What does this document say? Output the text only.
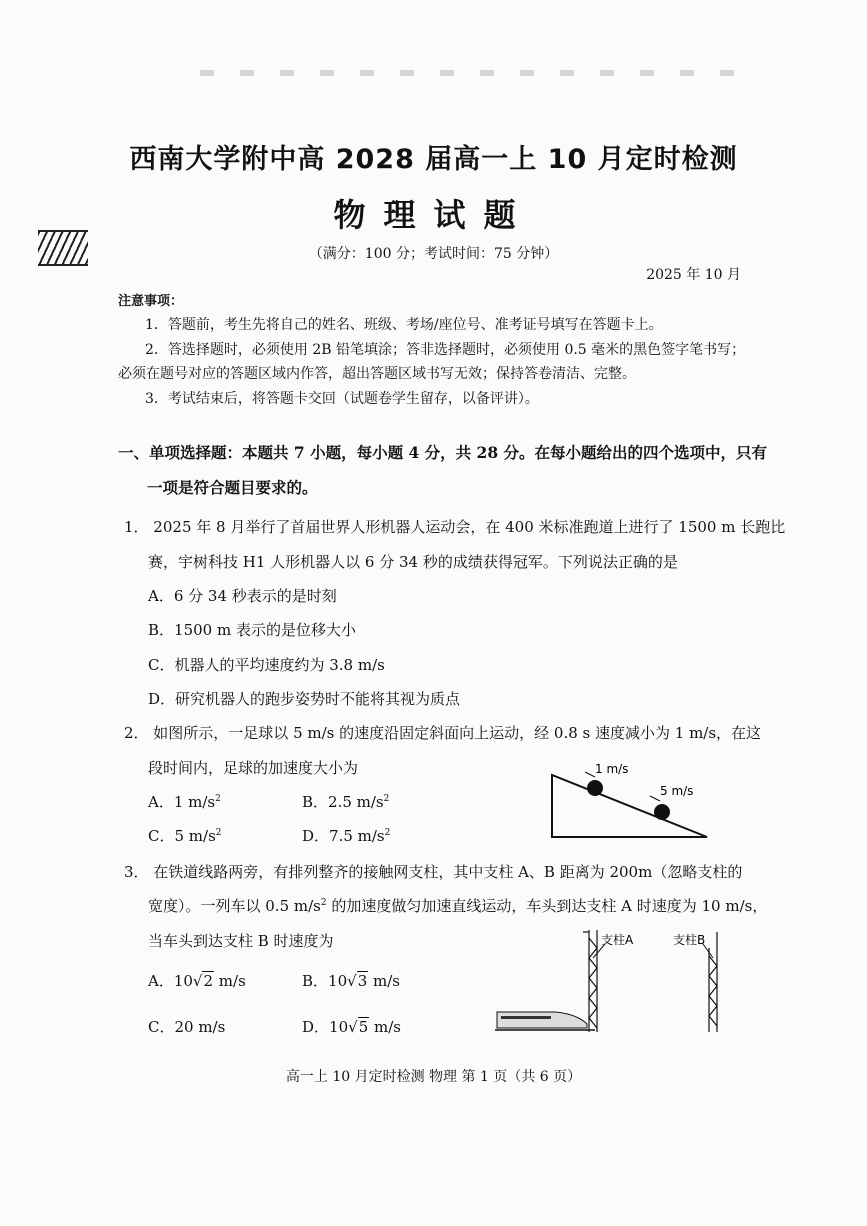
西南大学附中高 2028 届高一上 10 月定时检测
物理试题
（满分：100 分；考试时间：75 分钟）
2025 年 10 月
注意事项：
1．答题前，考生先将自己的姓名、班级、考场/座位号、准考证号填写在答题卡上。
2．答选择题时，必须使用 2B 铅笔填涂；答非选择题时，必须使用 0.5 毫米的黑色签字笔书写；
必须在题号对应的答题区域内作答，超出答题区域书写无效；保持答卷清洁、完整。
3．考试结束后，将答题卡交回（试题卷学生留存，以备评讲）。
一、单项选择题：本题共 7 小题，每小题 4 分，共 28 分。在每小题给出的四个选项中，只有
一项是符合题目要求的。
1． 2025 年 8 月举行了首届世界人形机器人运动会，在 400 米标准跑道上进行了 1500 m 长跑比
赛，宇树科技 H1 人形机器人以 6 分 34 秒的成绩获得冠军。下列说法正确的是
A．6 分 34 秒表示的是时刻
B．1500 m 表示的是位移大小
C．机器人的平均速度约为 3.8 m/s
D．研究机器人的跑步姿势时不能将其视为质点
2． 如图所示，一足球以 5 m/s 的速度沿固定斜面向上运动，经 0.8 s 速度减小为 1 m/s，在这
段时间内，足球的加速度大小为
A．1 $m/s^2$	B．2.5 $m/s^2$
C．5 $m/s^2$	D．7.5 $m/s^2$
1 m/s
5 m/s
3． 在铁道线路两旁，有排列整齐的接触网支柱，其中支柱 A、B 距离为 200m（忽略支柱的
宽度）。一列车以 0.5 $m/s^2$ 的加速度做匀加速直线运动，车头到达支柱 A 时速度为 10 m/s，
当车头到达支柱 B 时速度为
A．10√2 m/s	B．10√3 m/s
C．20 m/s	D．10√5 m/s
支柱A	支柱B
高一上 10 月定时检测 物理 第 1 页（共 6 页）
